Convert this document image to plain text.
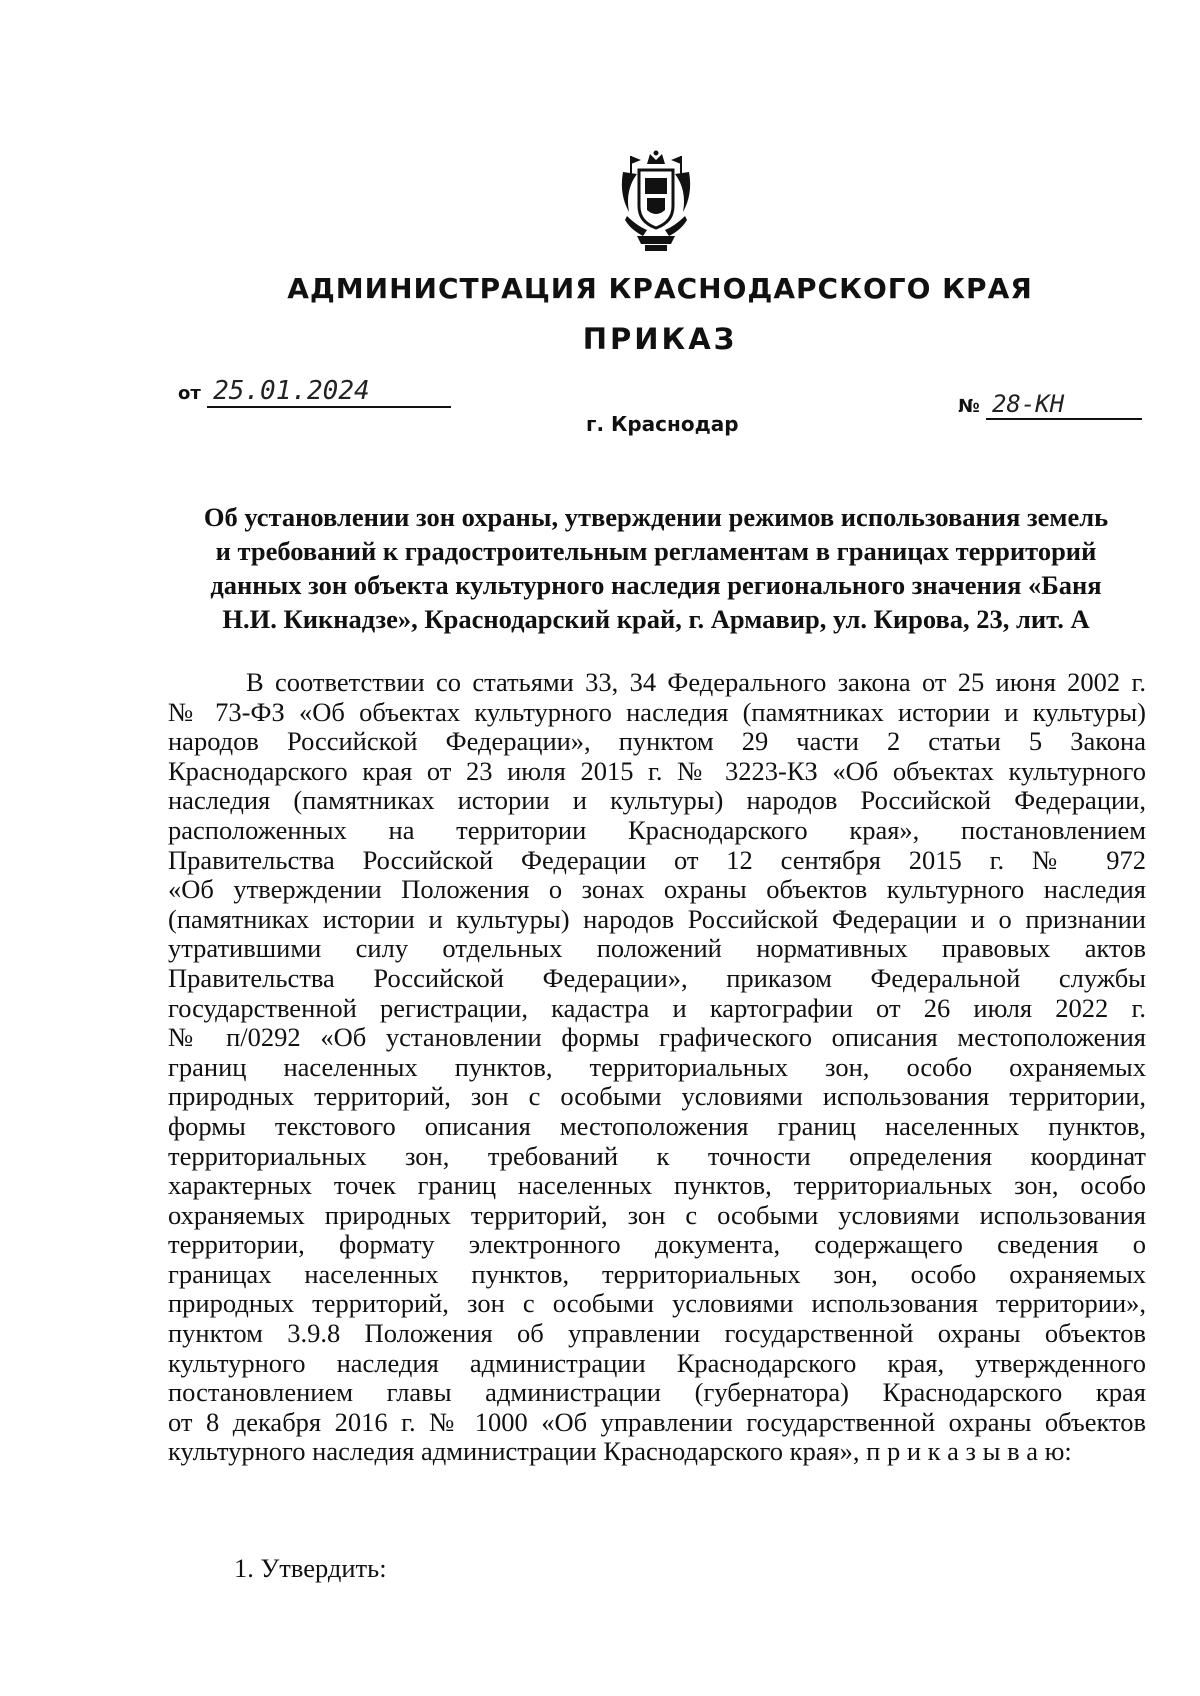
АДМИНИСТРАЦИЯ КРАСНОДАРСКОГО КРАЯ
ПРИКАЗ
от 25.01.2024
г. Краснодар
№ 28-КН
Об установлении зон охраны, утверждении режимов использования земель
и требований к градостроительным регламентам в границах территорий
данных зон объекта культурного наследия регионального значения «Баня
Н.И. Кикнадзе», Краснодарский край, г. Армавир, ул. Кирова, 23, лит. А
В соответствии со статьями 33, 34 Федерального закона от 25 июня 2002 г.
№ 73-ФЗ «Об объектах культурного наследия (памятниках истории и культуры)
народов Российской Федерации», пунктом 29 части 2 статьи 5 Закона
Краснодарского края от 23 июля 2015 г. № 3223-КЗ «Об объектах культурного
наследия (памятниках истории и культуры) народов Российской Федерации,
расположенных на территории Краснодарского края», постановлением
Правительства Российской Федерации от 12 сентября 2015 г. № 972
«Об утверждении Положения о зонах охраны объектов культурного наследия
(памятниках истории и культуры) народов Российской Федерации и о признании
утратившими силу отдельных положений нормативных правовых актов
Правительства Российской Федерации», приказом Федеральной службы
государственной регистрации, кадастра и картографии от 26 июля 2022 г.
№ п/0292 «Об установлении формы графического описания местоположения
границ населенных пунктов, территориальных зон, особо охраняемых
природных территорий, зон с особыми условиями использования территории,
формы текстового описания местоположения границ населенных пунктов,
территориальных зон, требований к точности определения координат
характерных точек границ населенных пунктов, территориальных зон, особо
охраняемых природных территорий, зон с особыми условиями использования
территории, формату электронного документа, содержащего сведения о
границах населенных пунктов, территориальных зон, особо охраняемых
природных территорий, зон с особыми условиями использования территории»,
пунктом 3.9.8 Положения об управлении государственной охраны объектов
культурного наследия администрации Краснодарского края, утвержденного
постановлением главы администрации (губернатора) Краснодарского края
от 8 декабря 2016 г. № 1000 «Об управлении государственной охраны объектов
культурного наследия администрации Краснодарского края», п р и к а з ы в а ю:
1. Утвердить:
